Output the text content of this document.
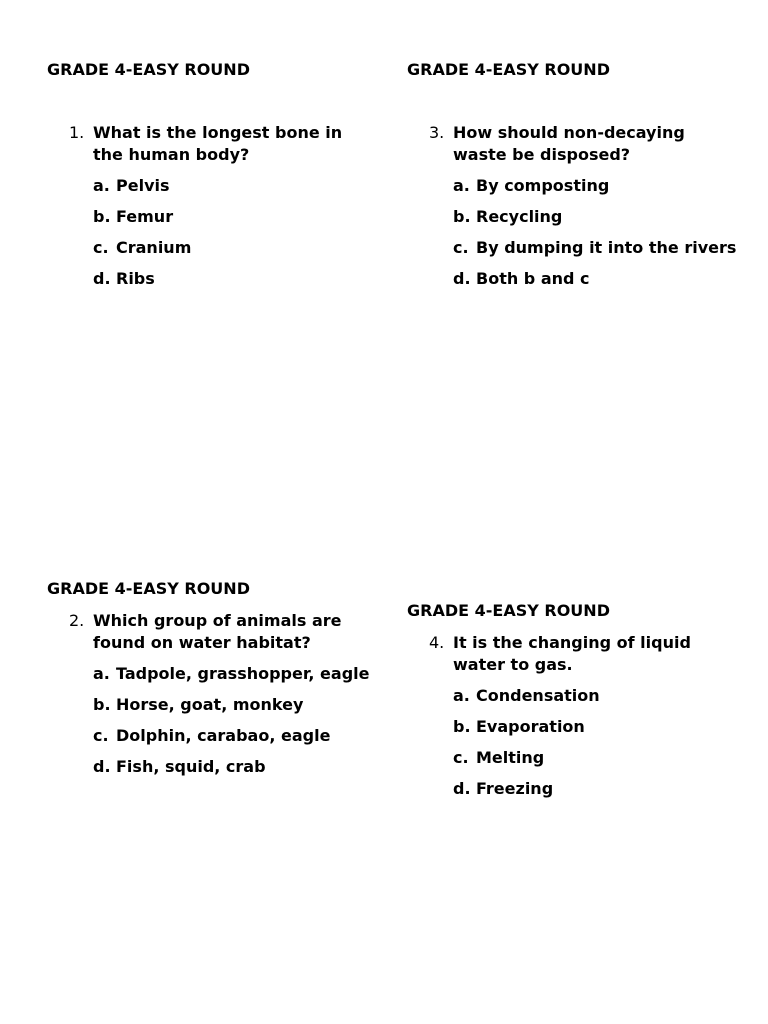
GRADE 4-EASY ROUND

1. What is the longest bone in the human body?
a. Pelvis
b. Femur
c. Cranium
d. Ribs

GRADE 4-EASY ROUND

3. How should non-decaying waste be disposed?
a. By composting
b. Recycling
c. By dumping it into the rivers
d. Both b and c

GRADE 4-EASY ROUND

2. Which group of animals are found on water habitat?
a. Tadpole, grasshopper, eagle
b. Horse, goat, monkey
c. Dolphin, carabao, eagle
d. Fish, squid, crab

GRADE 4-EASY ROUND

4. It is the changing of liquid water to gas.
a. Condensation
b. Evaporation
c. Melting
d. Freezing
